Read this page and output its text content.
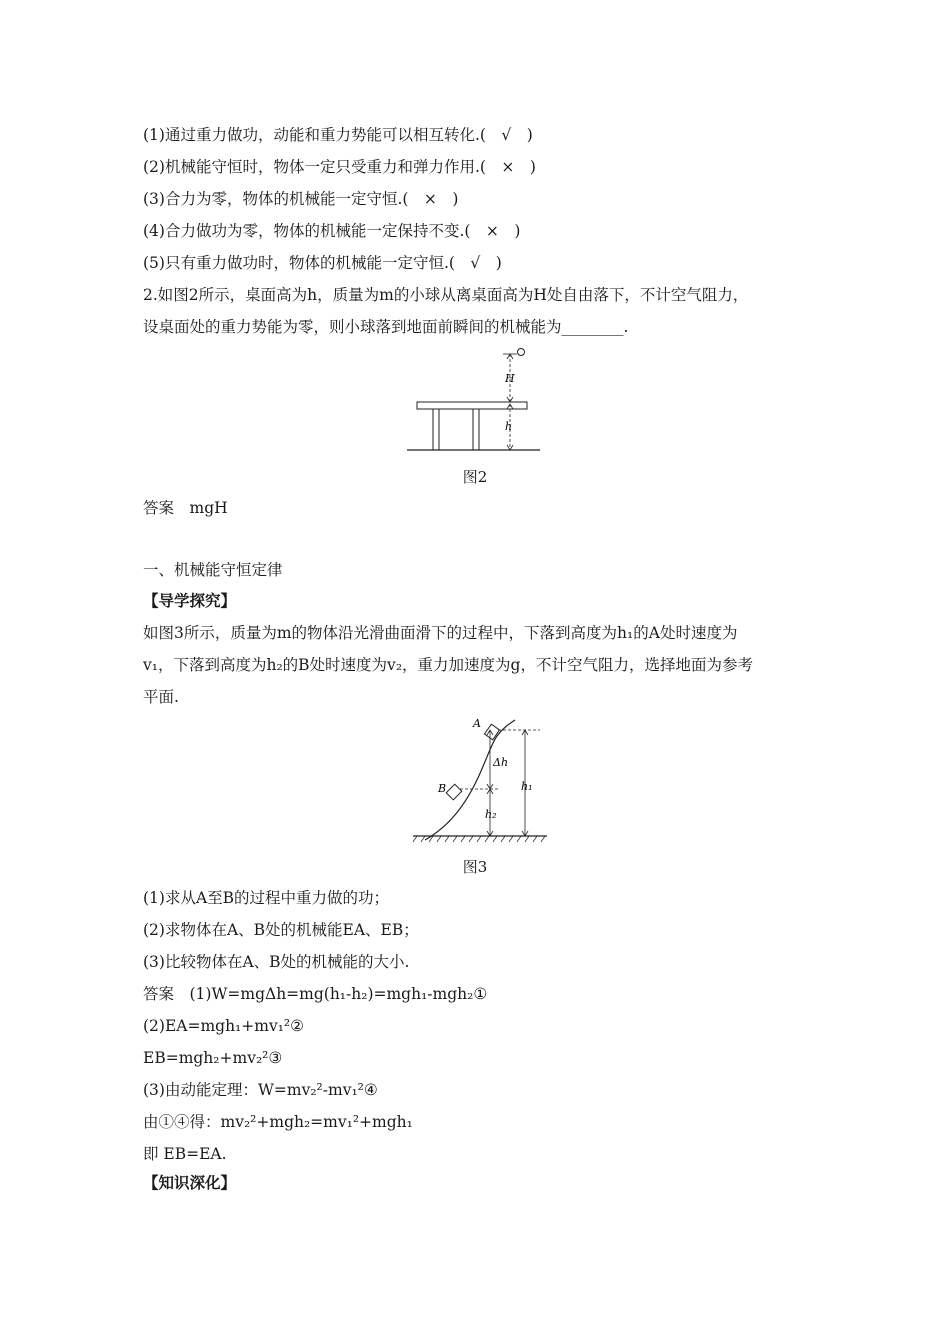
(1)通过重力做功，动能和重力势能可以相互转化.(　√　)
(2)机械能守恒时，物体一定只受重力和弹力作用.(　×　)
(3)合力为零，物体的机械能一定守恒.(　×　)
(4)合力做功为零，物体的机械能一定保持不变.(　×　)
(5)只有重力做功时，物体的机械能一定守恒.(　√　)
2.如图2所示，桌面高为h，质量为m的小球从离桌面高为H处自由落下，不计空气阻力，
设桌面处的重力势能为零，则小球落到地面前瞬间的机械能为________.
H
h
图2
答案　mgH
一、机械能守恒定律
【导学探究】
如图3所示，质量为m的物体沿光滑曲面滑下的过程中，下落到高度为h₁的A处时速度为
v₁，下落到高度为h₂的B处时速度为v₂，重力加速度为g，不计空气阻力，选择地面为参考
平面.
A
B
Δh
h₂
h₁
图3
(1)求从A至B的过程中重力做的功；
(2)求物体在A、B处的机械能EA、EB；
(3)比较物体在A、B处的机械能的大小.
答案　(1)W=mgΔh=mg(h₁-h₂)=mgh₁-mgh₂①
(2)EA=mgh₁+mv₁²②
EB=mgh₂+mv₂²③
(3)由动能定理：W=mv₂²-mv₁²④
由①④得：mv₂²+mgh₂=mv₁²+mgh₁
即 EB=EA.
【知识深化】
